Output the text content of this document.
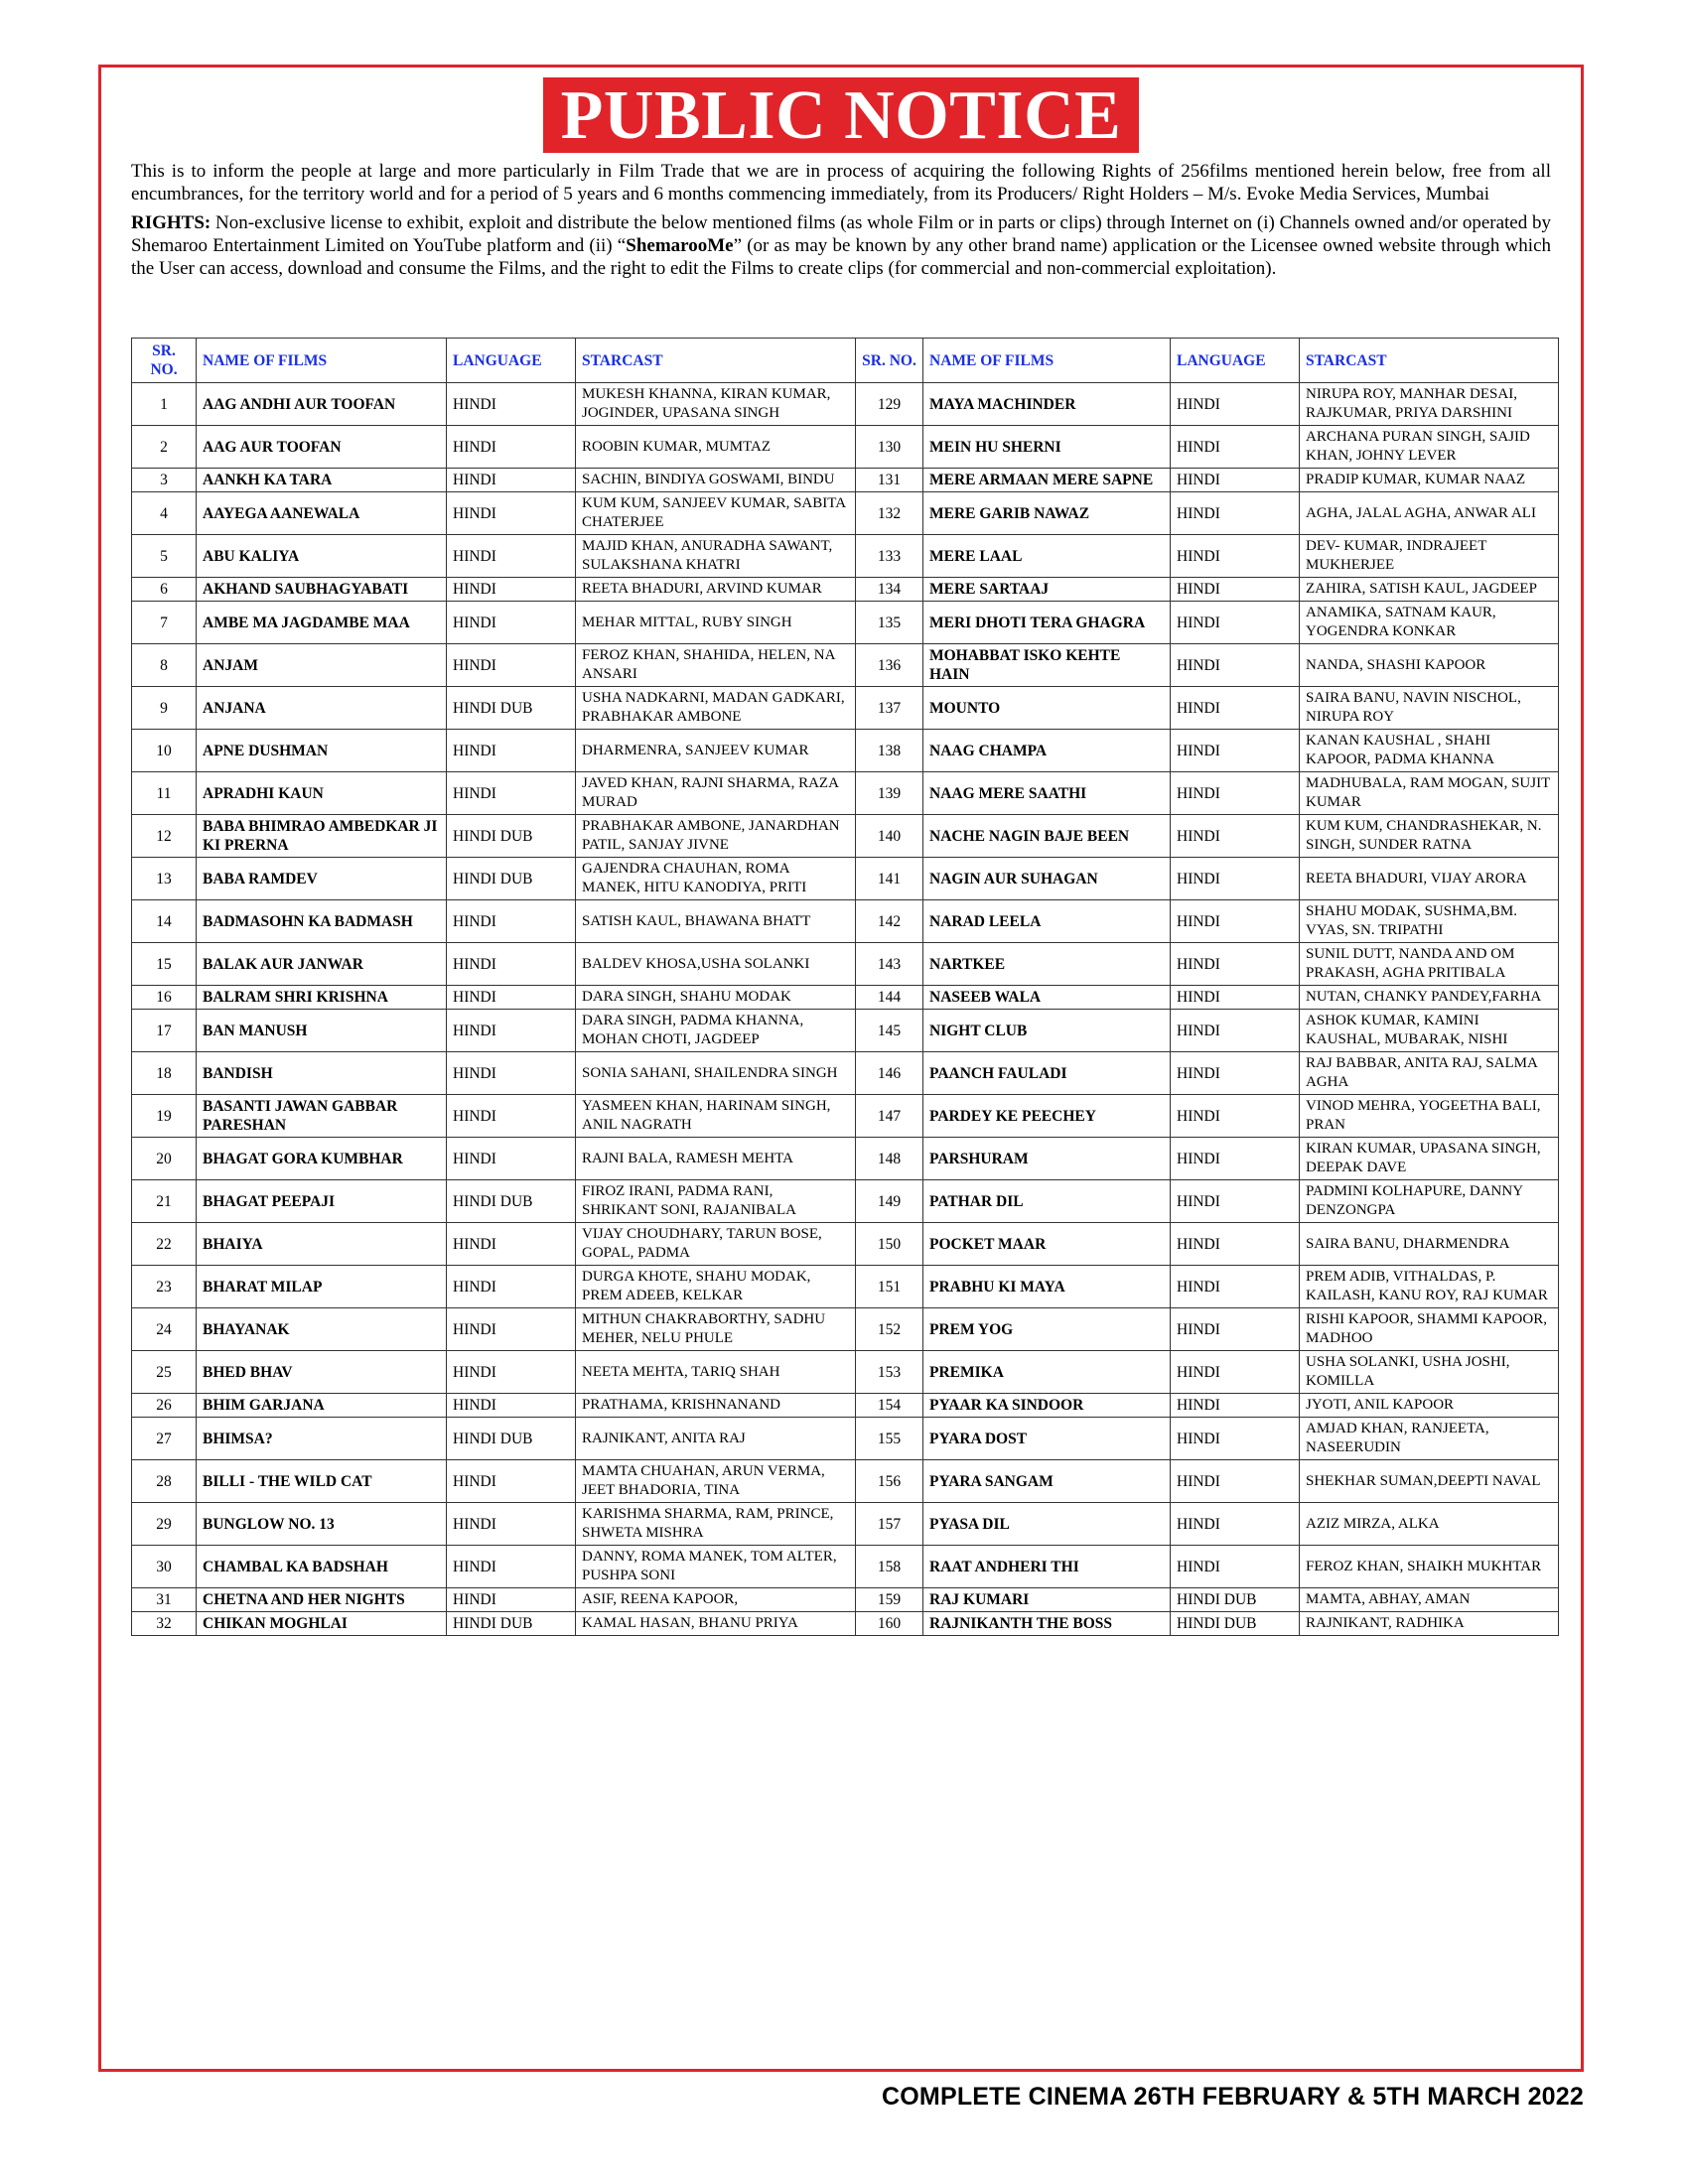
PUBLIC NOTICE

This is to inform the people at large and more particularly in Film Trade that we are in process of acquiring the following Rights of 256films mentioned herein below, free from all encumbrances, for the territory world and for a period of 5 years and 6 months commencing immediately, from its Producers/ Right Holders – M/s. Evoke Media Services, Mumbai

RIGHTS: Non-exclusive license to exhibit, exploit and distribute the below mentioned films (as whole Film or in parts or clips) through Internet on (i) Channels owned and/or operated by Shemaroo Entertainment Limited on YouTube platform and (ii) “ShemarooMe” (or as may be known by any other brand name) application or the Licensee owned website through which the User can access, download and consume the Films, and the right to edit the Films to create clips (for commercial and non-commercial exploitation).

SR. NO.	NAME OF FILMS	LANGUAGE	STARCAST	SR. NO.	NAME OF FILMS	LANGUAGE	STARCAST
1	AAG ANDHI AUR TOOFAN	HINDI	MUKESH KHANNA, KIRAN KUMAR, JOGINDER, UPASANA SINGH	129	MAYA MACHINDER	HINDI	NIRUPA ROY, MANHAR DESAI, RAJKUMAR, PRIYA DARSHINI
2	AAG AUR TOOFAN	HINDI	ROOBIN KUMAR, MUMTAZ	130	MEIN HU SHERNI	HINDI	ARCHANA PURAN SINGH, SAJID KHAN, JOHNY LEVER
3	AANKH KA TARA	HINDI	SACHIN, BINDIYA GOSWAMI, BINDU	131	MERE ARMAAN MERE SAPNE	HINDI	PRADIP KUMAR, KUMAR NAAZ
4	AAYEGA AANEWALA	HINDI	KUM KUM, SANJEEV KUMAR, SABITA CHATERJEE	132	MERE GARIB NAWAZ	HINDI	AGHA, JALAL AGHA, ANWAR ALI
5	ABU KALIYA	HINDI	MAJID KHAN, ANURADHA SAWANT, SULAKSHANA KHATRI	133	MERE LAAL	HINDI	DEV- KUMAR, INDRAJEET MUKHERJEE
6	AKHAND SAUBHAGYABATI	HINDI	REETA BHADURI, ARVIND KUMAR	134	MERE SARTAAJ	HINDI	ZAHIRA, SATISH KAUL, JAGDEEP
7	AMBE MA JAGDAMBE MAA	HINDI	MEHAR MITTAL, RUBY SINGH	135	MERI DHOTI TERA GHAGRA	HINDI	ANAMIKA, SATNAM KAUR, YOGENDRA KONKAR
8	ANJAM	HINDI	FEROZ KHAN, SHAHIDA, HELEN, NA ANSARI	136	MOHABBAT ISKO KEHTE HAIN	HINDI	NANDA, SHASHI KAPOOR
9	ANJANA	HINDI DUB	USHA NADKARNI, MADAN GADKARI, PRABHAKAR AMBONE	137	MOUNTO	HINDI	SAIRA BANU, NAVIN NISCHOL, NIRUPA ROY
10	APNE DUSHMAN	HINDI	DHARMENRA, SANJEEV KUMAR	138	NAAG CHAMPA	HINDI	KANAN KAUSHAL , SHAHI KAPOOR, PADMA KHANNA
11	APRADHI KAUN	HINDI	JAVED KHAN, RAJNI SHARMA, RAZA MURAD	139	NAAG MERE SAATHI	HINDI	MADHUBALA, RAM MOGAN, SUJIT KUMAR
12	BABA BHIMRAO AMBEDKAR JI KI PRERNA	HINDI DUB	PRABHAKAR AMBONE, JANARDHAN PATIL, SANJAY JIVNE	140	NACHE NAGIN BAJE BEEN	HINDI	KUM KUM, CHANDRASHEKAR, N. SINGH, SUNDER RATNA
13	BABA RAMDEV	HINDI DUB	GAJENDRA CHAUHAN, ROMA MANEK, HITU KANODIYA, PRITI	141	NAGIN AUR SUHAGAN	HINDI	REETA BHADURI, VIJAY ARORA
14	BADMASOHN KA BADMASH	HINDI	SATISH KAUL, BHAWANA BHATT	142	NARAD LEELA	HINDI	SHAHU MODAK, SUSHMA,BM. VYAS, SN. TRIPATHI
15	BALAK AUR JANWAR	HINDI	BALDEV KHOSA,USHA SOLANKI	143	NARTKEE	HINDI	SUNIL DUTT, NANDA AND OM PRAKASH, AGHA PRITIBALA
16	BALRAM SHRI KRISHNA	HINDI	DARA SINGH, SHAHU MODAK	144	NASEEB WALA	HINDI	NUTAN, CHANKY PANDEY,FARHA
17	BAN MANUSH	HINDI	DARA SINGH, PADMA KHANNA, MOHAN CHOTI, JAGDEEP	145	NIGHT CLUB	HINDI	ASHOK KUMAR, KAMINI KAUSHAL, MUBARAK, NISHI
18	BANDISH	HINDI	SONIA SAHANI, SHAILENDRA SINGH	146	PAANCH FAULADI	HINDI	RAJ BABBAR, ANITA RAJ, SALMA AGHA
19	BASANTI JAWAN GABBAR PARESHAN	HINDI	YASMEEN KHAN, HARINAM SINGH, ANIL NAGRATH	147	PARDEY KE PEECHEY	HINDI	VINOD MEHRA, YOGEETHA BALI, PRAN
20	BHAGAT GORA KUMBHAR	HINDI	RAJNI BALA, RAMESH MEHTA	148	PARSHURAM	HINDI	KIRAN KUMAR, UPASANA SINGH, DEEPAK DAVE
21	BHAGAT PEEPAJI	HINDI DUB	FIROZ IRANI, PADMA RANI, SHRIKANT SONI, RAJANIBALA	149	PATHAR DIL	HINDI	PADMINI KOLHAPURE, DANNY DENZONGPA
22	BHAIYA	HINDI	VIJAY CHOUDHARY, TARUN BOSE, GOPAL, PADMA	150	POCKET MAAR	HINDI	SAIRA BANU, DHARMENDRA
23	BHARAT MILAP	HINDI	DURGA KHOTE, SHAHU MODAK, PREM ADEEB, KELKAR	151	PRABHU KI MAYA	HINDI	PREM ADIB, VITHALDAS, P. KAILASH, KANU ROY, RAJ KUMAR
24	BHAYANAK	HINDI	MITHUN CHAKRABORTHY, SADHU MEHER, NELU PHULE	152	PREM YOG	HINDI	RISHI KAPOOR, SHAMMI KAPOOR, MADHOO
25	BHED BHAV	HINDI	NEETA MEHTA, TARIQ SHAH	153	PREMIKA	HINDI	USHA SOLANKI, USHA JOSHI, KOMILLA
26	BHIM GARJANA	HINDI	PRATHAMA, KRISHNANAND	154	PYAAR KA SINDOOR	HINDI	JYOTI, ANIL KAPOOR
27	BHIMSA?	HINDI DUB	RAJNIKANT, ANITA RAJ	155	PYARA DOST	HINDI	AMJAD KHAN, RANJEETA, NASEERUDIN
28	BILLI - THE WILD CAT	HINDI	MAMTA CHUAHAN, ARUN VERMA, JEET BHADORIA, TINA	156	PYARA SANGAM	HINDI	SHEKHAR SUMAN,DEEPTI NAVAL
29	BUNGLOW NO. 13	HINDI	KARISHMA SHARMA, RAM, PRINCE, SHWETA MISHRA	157	PYASA DIL	HINDI	AZIZ MIRZA, ALKA
30	CHAMBAL KA BADSHAH	HINDI	DANNY, ROMA MANEK, TOM ALTER, PUSHPA SONI	158	RAAT ANDHERI THI	HINDI	FEROZ KHAN, SHAIKH MUKHTAR
31	CHETNA AND HER NIGHTS	HINDI	ASIF, REENA KAPOOR,	159	RAJ KUMARI	HINDI DUB	MAMTA, ABHAY, AMAN
32	CHIKAN MOGHLAI	HINDI DUB	KAMAL HASAN, BHANU PRIYA	160	RAJNIKANTH THE BOSS	HINDI DUB	RAJNIKANT, RADHIKA
COMPLETE CINEMA 26TH FEBRUARY & 5TH MARCH 2022
